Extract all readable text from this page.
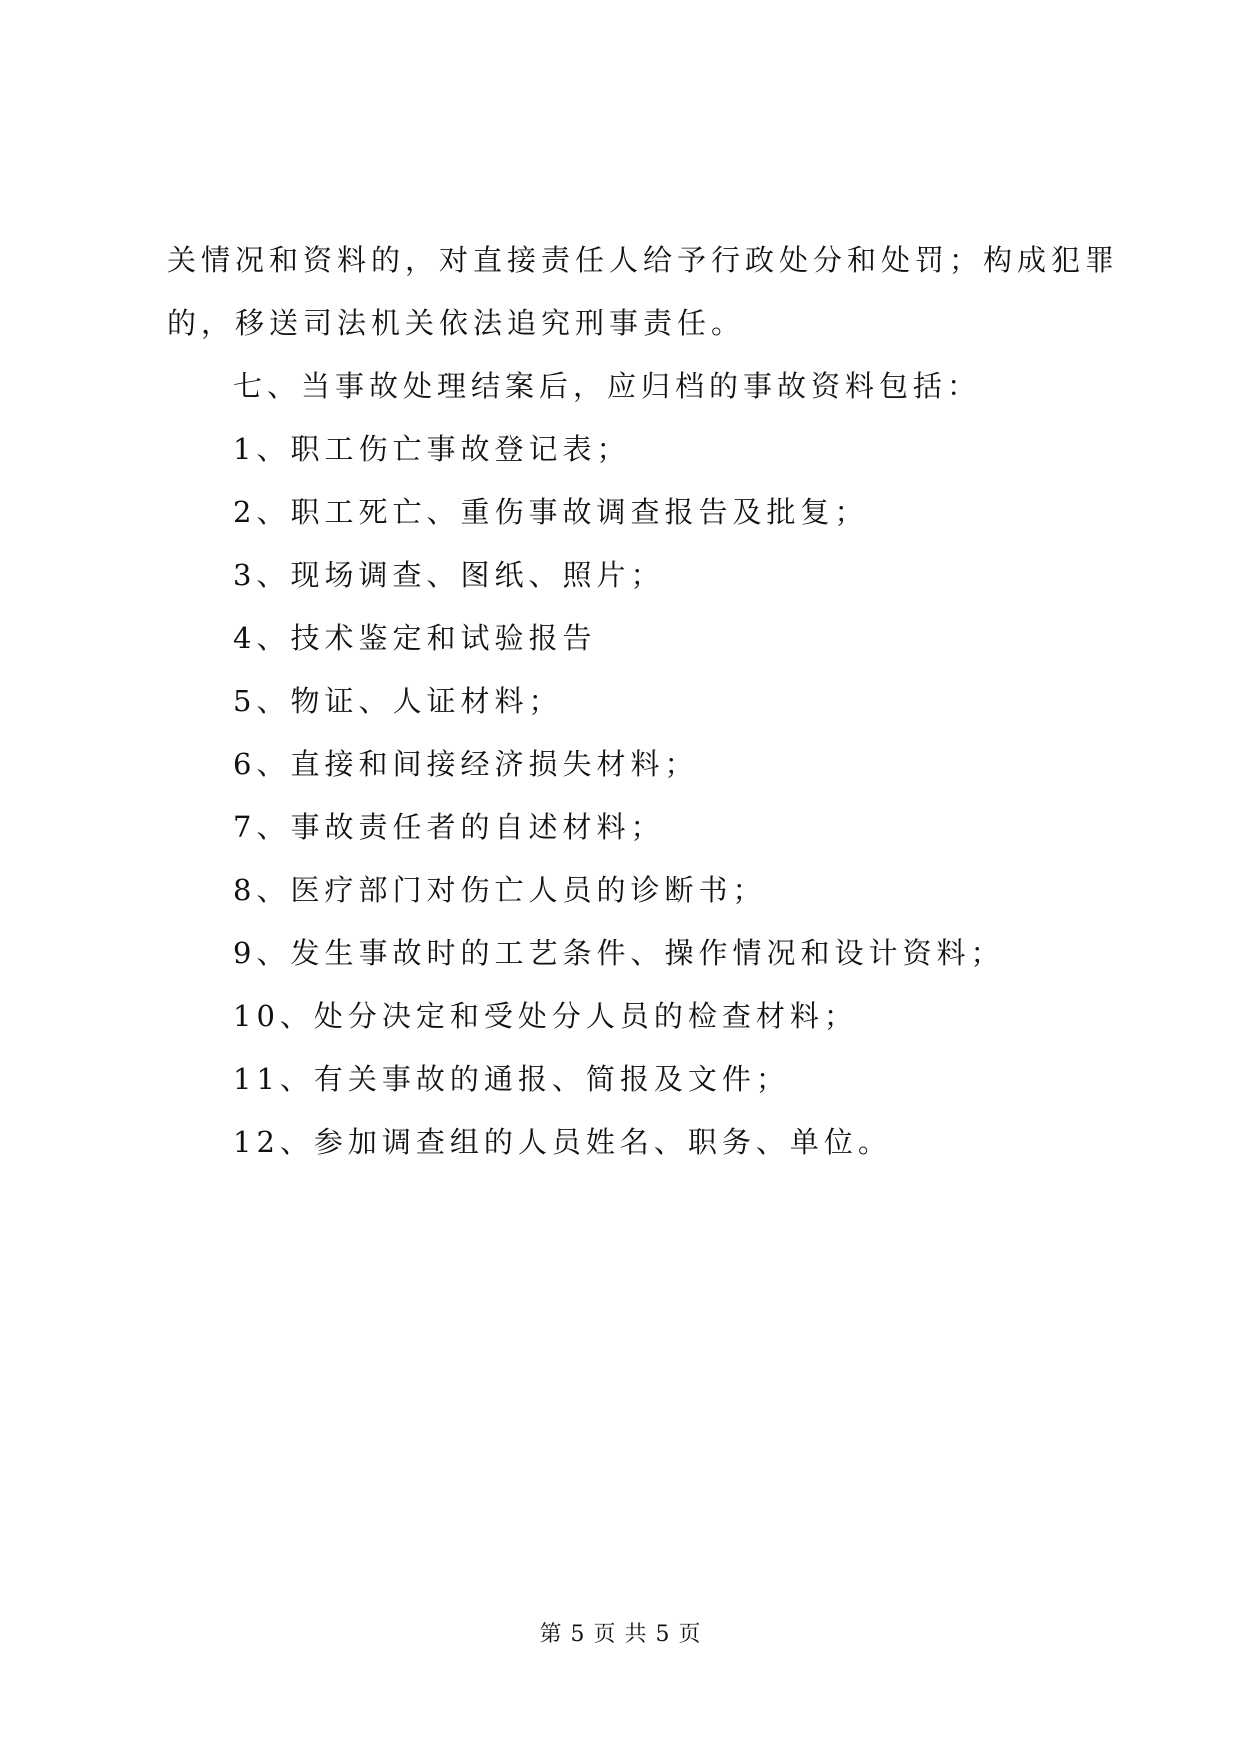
关情况和资料的，对直接责任人给予行政处分和处罚；构成犯罪
的，移送司法机关依法追究刑事责任。
七、当事故处理结案后，应归档的事故资料包括：
1、职工伤亡事故登记表；
2、职工死亡、重伤事故调查报告及批复；
3、现场调查、图纸、照片；
4、技术鉴定和试验报告
5、物证、人证材料；
6、直接和间接经济损失材料；
7、事故责任者的自述材料；
8、医疗部门对伤亡人员的诊断书；
9、发生事故时的工艺条件、操作情况和设计资料；
10、处分决定和受处分人员的检查材料；
11、有关事故的通报、简报及文件；
12、参加调查组的人员姓名、职务、单位。
第 5 页 共 5 页
